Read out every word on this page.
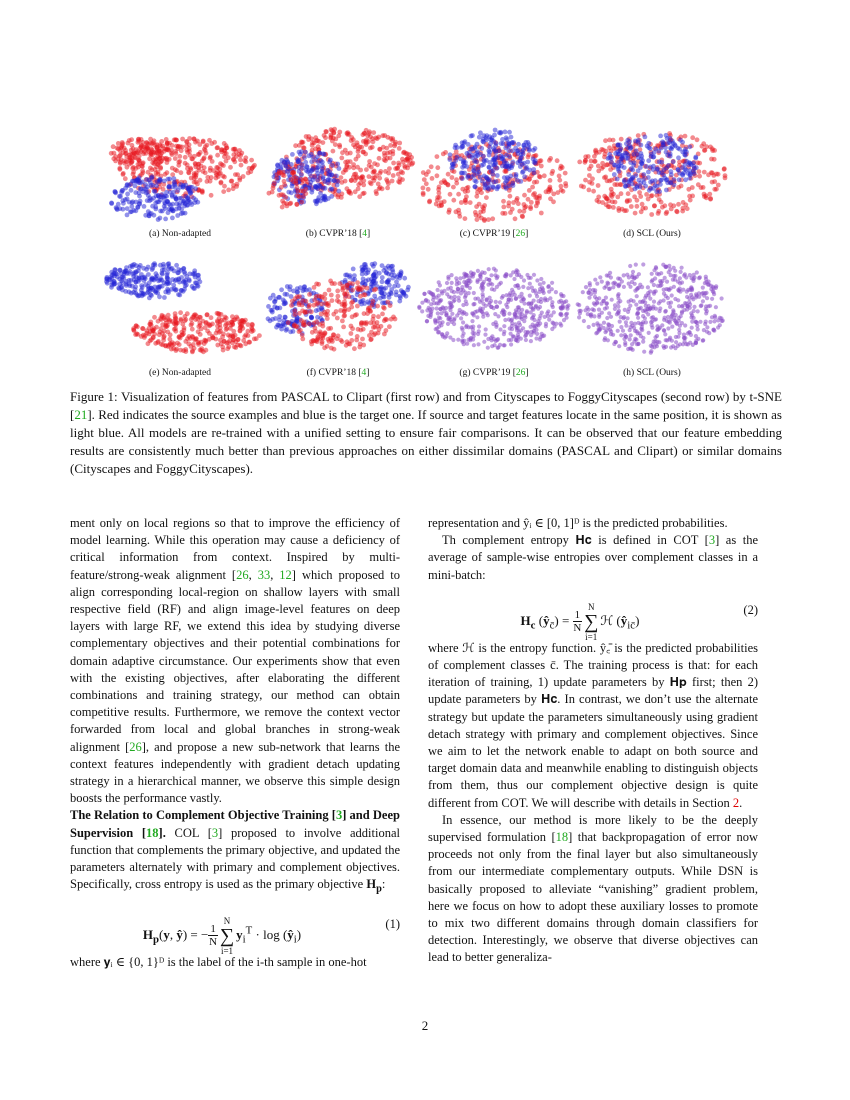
(a) Non-adapted	(b) CVPR’18 [4]	(c) CVPR’19 [26]	(d) SCL (Ours)
(e) Non-adapted	(f) CVPR’18 [4]	(g) CVPR’19 [26]	(h) SCL (Ours)
Figure 1: Visualization of features from PASCAL to Clipart (first row) and from Cityscapes to FoggyCityscapes (second row) by t-SNE [21]. Red indicates the source examples and blue is the target one. If source and target features locate in the same position, it is shown as light blue. All models are re-trained with a unified setting to ensure fair comparisons. It can be observed that our feature embedding results are consistently much better than previous approaches on either dissimilar domains (PASCAL and Clipart) or similar domains (Cityscapes and FoggyCityscapes).

ment only on local regions so that to improve the efficiency of model learning. While this operation may cause a deficiency of critical information from context. Inspired by multi-feature/strong-weak alignment [26, 33, 12] which proposed to align corresponding local-region on shallow layers with small respective field (RF) and align image-level features on deep layers with large RF, we extend this idea by studying diverse complementary objectives and their potential combinations for domain adaptive circumstance. Our experiments show that even with the existing objectives, after elaborating the different combinations and training strategy, our method can obtain competitive results. Furthermore, we remove the context vector forwarded from local and global branches in strong-weak alignment [26], and propose a new sub-network that learns the context features independently with gradient detach updating strategy in a hierarchical manner, we observe this simple design boosts the performance vastly.

The Relation to Complement Objective Training [3] and Deep Supervision [18]. COL [3] proposed to involve additional function that complements the primary objective, and updated the parameters alternately with primary and complement objectives. Specifically, cross entropy is used as the primary objective $H_p$:

$H_p(y$, ŷ) = − $\frac{1}{N}$
N
∑
i=1
$y_i^T \cdot \log$ $(ŷ_i)$
(1)

where 𝐲ᵢ ∈ {0, 1}ᴰ is the label of the i-th sample in one-hot

representation and ŷᵢ ∈ [0, 1]ᴰ is the predicted probabilities.

Th complement entropy 𝐇𝐜 is defined in COT [3] as the average of sample-wise entropies over complement classes in a mini-batch:

$H_c$ $(ŷ_{c̄}) = \frac{1}{N}$
N
∑
i=1
ℋ $(ŷ_{ic̄})$
(2)

where ℋ is the entropy function. ŷ꜀̄ is the predicted probabilities of complement classes c̄. The training process is that: for each iteration of training, 1) update parameters by 𝐇𝐩 first; then 2) update parameters by 𝐇𝐜. In contrast, we don’t use the alternate strategy but update the parameters simultaneously using gradient detach strategy with primary and complement objectives. Since we aim to let the network enable to adapt on both source and target domain data and meanwhile enabling to distinguish objects from them, thus our complement objective design is quite different from COT. We will describe with details in Section 2.

In essence, our method is more likely to be the deeply supervised formulation [18] that backpropagation of error now proceeds not only from the final layer but also simultaneously from our intermediate complementary outputs. While DSN is basically proposed to alleviate “vanishing” gradient problem, here we focus on how to adopt these auxiliary losses to promote to mix two different domains through domain classifiers for detection. Interestingly, we observe that diverse objectives can lead to better generaliza-

2
